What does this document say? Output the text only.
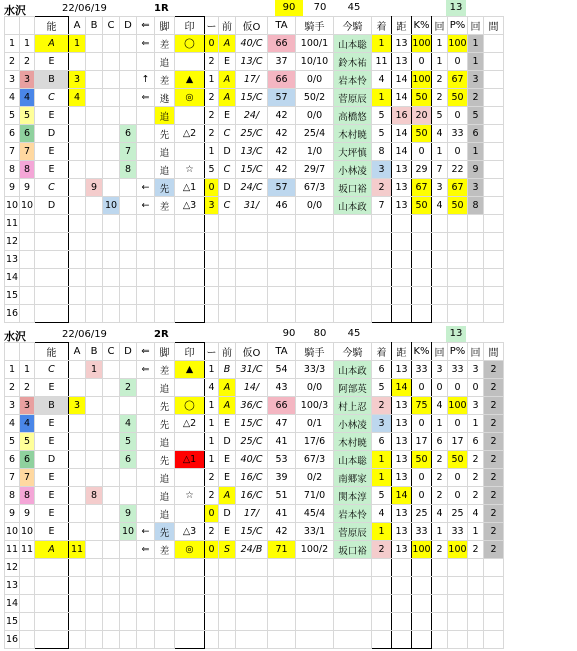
水沢	22/06/19	1R	90	70	45	13
		能	A	B	C	D	⇐	脚	印	ー	前	仮O	TA	騎手	今騎	着	距	K%	回	P%	回	間
1	1	A	1				⇐	差	◯	0	A	40/C	66	100/1	山本聡	1	13	100	1	100	1	
2	2	E						追		2	E	13/C	37	10/10	鈴木祐	11	13	0	1	0	1	
3	3	B	3				↑	差	▲	1	A	17/	66	0/0	岩本怜	4	14	100	2	67	3	
4	4	C	4				⇐	逃	◎	2	A	15/C	57	50/2	菅原辰	1	14	50	2	50	2	
5	5	E						追		2	E	24/	42	0/0	高橋悠	5	16	20	5	0	5	
6	6	D				6		先	△2	2	C	25/C	42	25/4	木村暁	5	14	50	4	33	6	
7	7	E				7		追		1	D	13/C	42	1/0	大坪慎	8	14	0	1	0	1	
8	8	E				8		追	☆	5	C	15/C	42	29/7	小林凌	3	13	29	7	22	9	
9	9	C		9			←	先	△1	0	D	24/C	57	67/3	坂口裕	2	13	67	3	67	3	
10	10	D			10		←	差	△3	3	C	31/	46	0/0	山本政	7	13	50	4	50	8	
11																						
12																						
13																						
14																						
15																						
16																						
水沢	22/06/19	2R	90	80	45	13
		能	A	B	C	D	⇐	脚	印	ー	前	仮O	TA	騎手	今騎	着	距	K%	回	P%	回	間
1	1	C		1			⇐	差	▲	1	B	31/C	54	33/3	山本政	6	13	33	3	33	3	2
2	2	E				2		追		4	A	14/	43	0/0	阿部英	5	14	0	0	0	0	2
3	3	B	3					先	◯	1	A	36/C	66	100/3	村上忍	2	13	75	4	100	3	2
4	4	E				4		先	△2	1	E	15/C	47	0/1	小林凌	3	13	0	1	0	1	2
5	5	E				5		追		1	D	25/C	41	17/6	木村暁	6	13	17	6	17	6	2
6	6	D				6		先	△1	1	E	40/C	53	67/3	山本聡	1	13	50	2	50	2	2
7	7	E						追		2	E	16/C	39	0/2	南郷家	1	13	0	2	0	2	2
8	8	E		8				追	☆	2	A	16/C	51	71/0	関本淳	5	14	0	2	0	2	2
9	9	E				9		追		0	D	17/	41	45/4	岩本怜	4	13	25	4	25	4	2
10	10	E				10	←	先	△3	2	E	15/C	42	33/1	菅原辰	1	13	33	1	33	1	2
11	11	A	11				⇐	差	◎	0	S	24/B	71	100/2	坂口裕	2	13	100	2	100	2	2
12																						
13																						
14																						
15																						
16																						
